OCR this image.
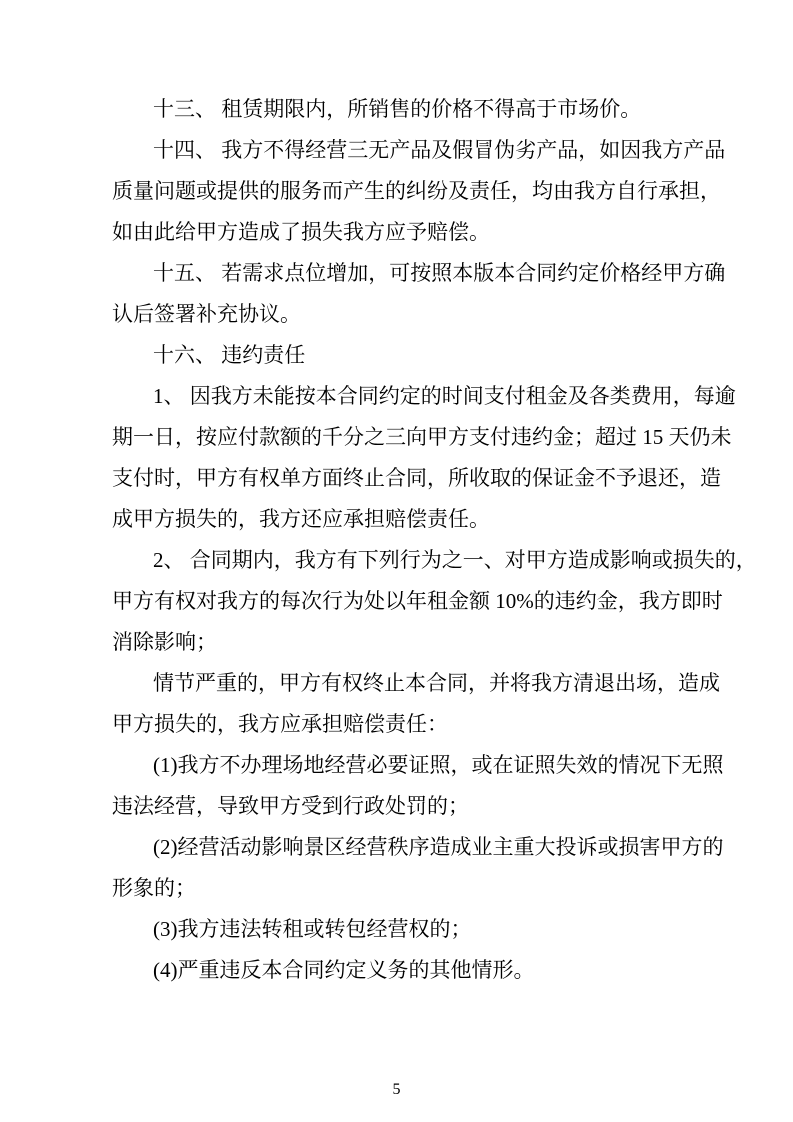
十三、 租赁期限内，所销售的价格不得高于市场价。
十四、 我方不得经营三无产品及假冒伪劣产品，如因我方产品
质量问题或提供的服务而产生的纠纷及责任，均由我方自行承担，
如由此给甲方造成了损失我方应予赔偿。
十五、 若需求点位增加，可按照本版本合同约定价格经甲方确
认后签署补充协议。
十六、 违约责任
1、 因我方未能按本合同约定的时间支付租金及各类费用，每逾
期一日，按应付款额的千分之三向甲方支付违约金；超过 15 天仍未
支付时，甲方有权单方面终止合同，所收取的保证金不予退还，造
成甲方损失的，我方还应承担赔偿责任。
2、 合同期内，我方有下列行为之一、对甲方造成影响或损失的，
甲方有权对我方的每次行为处以年租金额 10%的违约金，我方即时
消除影响；
情节严重的，甲方有权终止本合同，并将我方清退出场，造成
甲方损失的，我方应承担赔偿责任：
(1)我方不办理场地经营必要证照，或在证照失效的情况下无照
违法经营，导致甲方受到行政处罚的；
(2)经营活动影响景区经营秩序造成业主重大投诉或损害甲方的
形象的；
(3)我方违法转租或转包经营权的；
(4)严重违反本合同约定义务的其他情形。
5
